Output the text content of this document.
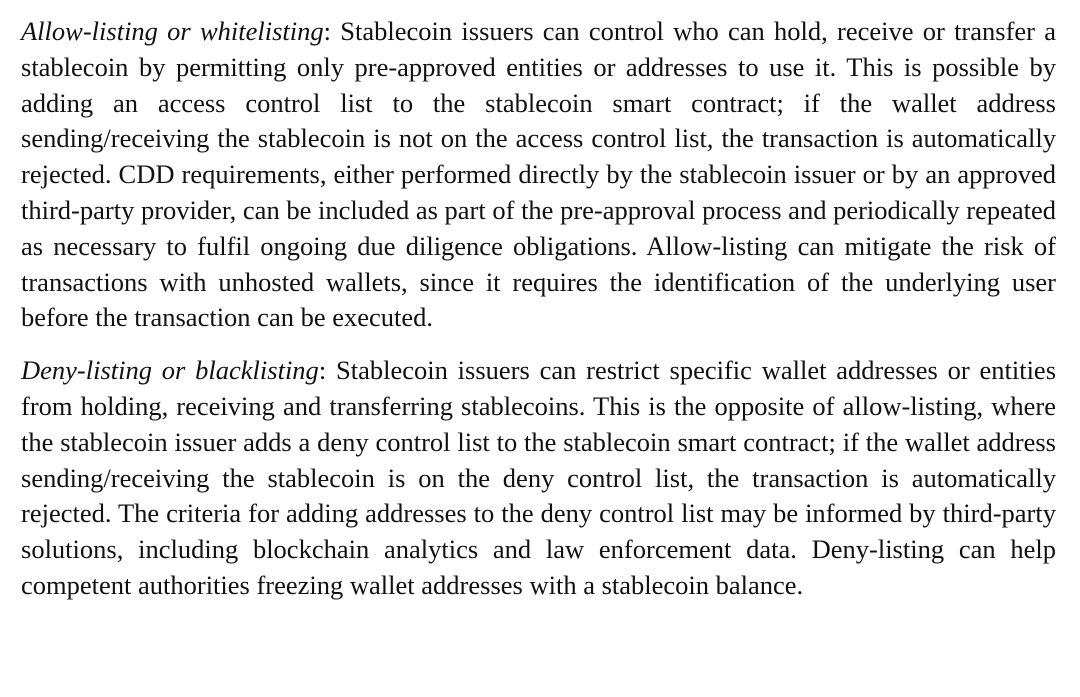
Allow-listing or whitelisting: Stablecoin issuers can control who can hold, receive or transfer a stablecoin by permitting only pre-approved entities or addresses to use it. This is possible by adding an access control list to the stablecoin smart contract; if the wallet address sending/receiving the stablecoin is not on the access control list, the transaction is automatically rejected. CDD requirements, either performed directly by the stablecoin issuer or by an approved third-party provider, can be included as part of the pre-approval process and periodically repeated as necessary to fulfil ongoing due diligence obligations. Allow-listing can mitigate the risk of transactions with unhosted wallets, since it requires the identification of the underlying user before the transaction can be executed.

Deny-listing or blacklisting: Stablecoin issuers can restrict specific wallet addresses or entities from holding, receiving and transferring stablecoins. This is the opposite of allow-listing, where the stablecoin issuer adds a deny control list to the stablecoin smart contract; if the wallet address sending/receiving the stablecoin is on the deny control list, the transaction is automatically rejected. The criteria for adding addresses to the deny control list may be informed by third-party solutions, including blockchain analytics and law enforcement data. Deny-listing can help competent authorities freezing wallet addresses with a stablecoin balance.
